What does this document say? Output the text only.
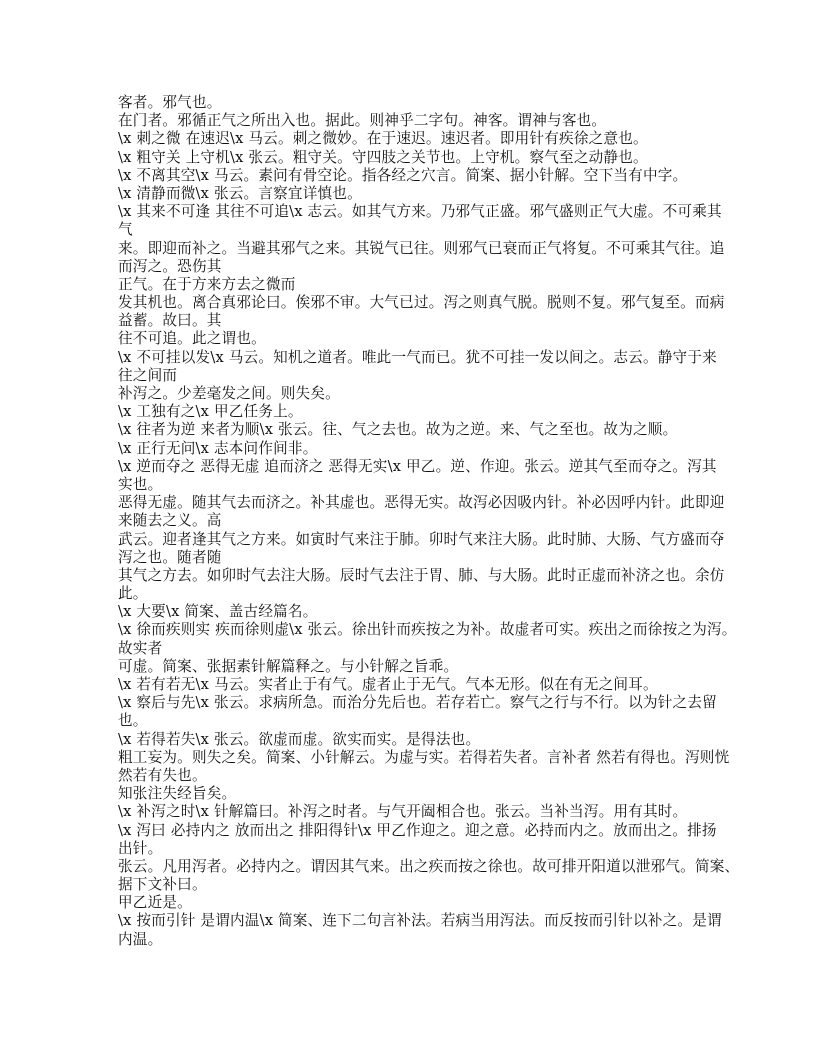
客者。邪气也。
在门者。邪循正气之所出入也。据此。则神乎二字句。神客。谓神与客也。
\x 刺之微 在速迟\x 马云。刺之微妙。在于速迟。速迟者。即用针有疾徐之意也。
\x 粗守关 上守机\x 张云。粗守关。守四肢之关节也。上守机。察气至之动静也。
\x 不离其空\x 马云。素问有骨空论。指各经之穴言。简案、据小针解。空下当有中字。
\x 清静而微\x 张云。言察宜详慎也。
\x 其来不可逢 其往不可追\x 志云。如其气方来。乃邪气正盛。邪气盛则正气大虚。不可乘其
气
来。即迎而补之。当避其邪气之来。其锐气已往。则邪气已衰而正气将复。不可乘其气往。追
而泻之。恐伤其
正气。在于方来方去之微而
发其机也。离合真邪论曰。俟邪不审。大气已过。泻之则真气脱。脱则不复。邪气复至。而病
益蓄。故曰。其
往不可追。此之谓也。
\x 不可挂以发\x 马云。知机之道者。唯此一气而已。犹不可挂一发以间之。志云。静守于来
往之间而
补泻之。少差毫发之间。则失矣。
\x 工独有之\x 甲乙任务上。
\x 往者为逆 来者为顺\x 张云。往、气之去也。故为之逆。来、气之至也。故为之顺。
\x 正行无问\x 志本问作间非。
\x 逆而夺之 恶得无虚 追而济之 恶得无实\x 甲乙。逆、作迎。张云。逆其气至而夺之。泻其
实也。
恶得无虚。随其气去而济之。补其虚也。恶得无实。故泻必因吸内针。补必因呼内针。此即迎
来随去之义。高
武云。迎者逢其气之方来。如寅时气来注于肺。卯时气来注大肠。此时肺、大肠、气方盛而夺
泻之也。随者随
其气之方去。如卯时气去注大肠。辰时气去注于胃、肺、与大肠。此时正虚而补济之也。余仿
此。
\x 大要\x 简案、盖古经篇名。
\x 徐而疾则实 疾而徐则虚\x 张云。徐出针而疾按之为补。故虚者可实。疾出之而徐按之为泻。
故实者
可虚。简案、张据素针解篇释之。与小针解之旨乖。
\x 若有若无\x 马云。实者止于有气。虚者止于无气。气本无形。似在有无之间耳。
\x 察后与先\x 张云。求病所急。而治分先后也。若存若亡。察气之行与不行。以为针之去留
也。
\x 若得若失\x 张云。欲虚而虚。欲实而实。是得法也。
粗工妄为。则失之矣。简案、小针解云。为虚与实。若得若失者。言补者 然若有得也。泻则恍
然若有失也。
知张注失经旨矣。
\x 补泻之时\x 针解篇曰。补泻之时者。与气开阖相合也。张云。当补当泻。用有其时。
\x 泻曰 必持内之 放而出之 排阳得针\x 甲乙作迎之。迎之意。必持而内之。放而出之。排扬
出针。
张云。凡用泻者。必持内之。谓因其气来。出之疾而按之徐也。故可排开阳道以泄邪气。简案、
据下文补曰。
甲乙近是。
\x 按而引针 是谓内温\x 简案、连下二句言补法。若病当用泻法。而反按而引针以补之。是谓
内温。
